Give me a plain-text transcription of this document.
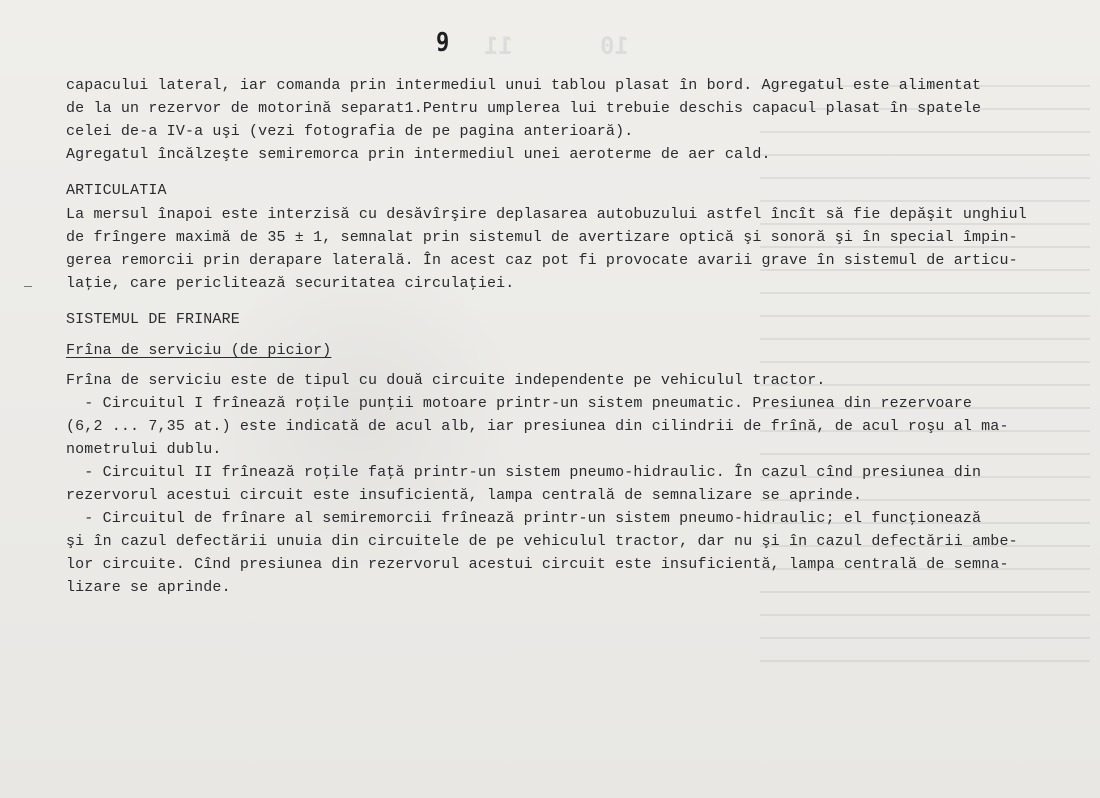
9 11	10
capacului lateral, iar comanda prin intermediul unui tablou plasat în bord. Agregatul este alimentat
de la un rezervor de motorină separat1.Pentru umplerea lui trebuie deschis capacul plasat în spatele
celei de-a IV-a uşi (vezi fotografia de pe pagina anterioară).
Agregatul încălzeşte semiremorca prin intermediul unei aeroterme de aer cald.
ARTICULATIA
La mersul înapoi este interzisă cu desăvîrşire deplasarea autobuzului astfel încît să fie depăşit unghiul
de frîngere maximă de 35 ± 1, semnalat prin sistemul de avertizare optică şi sonoră şi în special împin-
gerea remorcii prin derapare laterală. În acest caz pot fi provocate avarii grave în sistemul de articu-
laţie, care periclitează securitatea circulaţiei.
SISTEMUL DE FRINARE
Frîna de serviciu (de picior)
Frîna de serviciu este de tipul cu două circuite independente pe vehiculul tractor.
- Circuitul I frînează roţile punţii motoare printr-un sistem pneumatic. Presiunea din rezervoare
(6,2 ... 7,35 at.) este indicată de acul alb, iar presiunea din cilindrii de frînă, de acul roşu al ma-
nometrului dublu.
- Circuitul II frînează roţile faţă printr-un sistem pneumo-hidraulic. În cazul cînd presiunea din
rezervorul acestui circuit este insuficientă, lampa centrală de semnalizare se aprinde.
- Circuitul de frînare al semiremorcii frînează printr-un sistem pneumo-hidraulic; el funcţionează
şi în cazul defectării unuia din circuitele de pe vehiculul tractor, dar nu şi în cazul defectării ambe-
lor circuite. Cînd presiunea din rezervorul acestui circuit este insuficientă, lampa centrală de semna-
lizare se aprinde.
